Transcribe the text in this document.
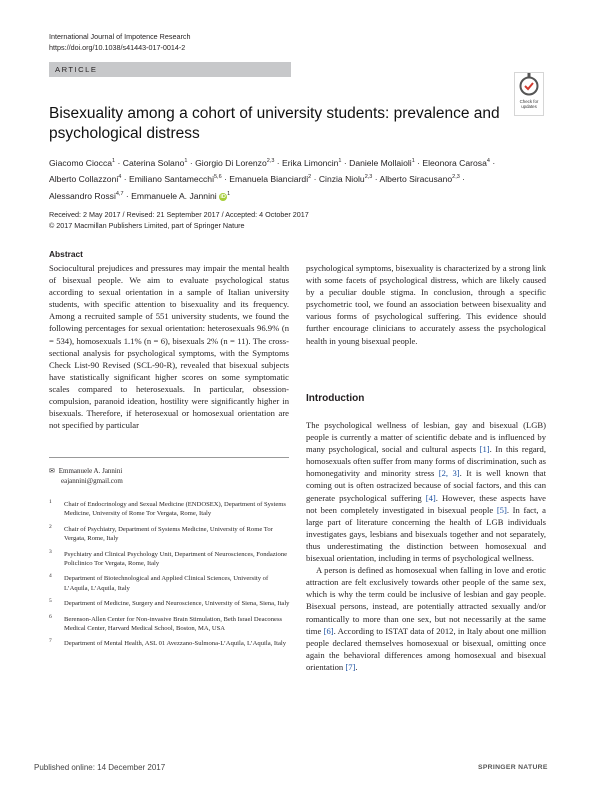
International Journal of Impotence Research
https://doi.org/10.1038/s41443-017-0014-2
ARTICLE
Check for
updates
Bisexuality among a cohort of university students: prevalence and psychological distress
Giacomo Ciocca$^1$ · Caterina Solano$^1$ · Giorgio Di Lorenzo$^{2,3}$ · Erika Limoncin$^1$ · Daniele Mollaioli$^1$ · Eleonora Carosa$^4$ ·
Alberto Collazzoni$^4$ · Emiliano Santamecchi$^{5,6}$ · Emanuela Bianciardi$^2$ · Cinzia Niolu$^{2,3}$ · Alberto Siracusano$^{2,3}$ ·
Alessandro Rossi$^{4,7}$ · Emmanuele A. Jannini $iD^1$
Received: 2 May 2017 / Revised: 21 September 2017 / Accepted: 4 October 2017
© 2017 Macmillan Publishers Limited, part of Springer Nature
Abstract
Sociocultural prejudices and pressures may impair the mental health of bisexual people. We aim to evaluate psychological status according to sexual orientation in a sample of Italian university students, with specific attention to bisexuality and its frequency. Among a recruited sample of 551 university students, we found the following percentages for sexual orientation: heterosexuals 96.9% (n = 534), homosexuals 1.1% (n = 6), bisexuals 2% (n = 11). The cross-sectional analysis for psychological symptoms, with the Symptoms Check List-90 Revised (SCL-90-R), revealed that bisexual subjects have statistically significant higher scores on some symptomatic scales compared to heterosexuals. In particular, obsession-compulsion, paranoid ideation, hostility were significantly higher in bisexuals. Therefore, if heterosexual or homosexual orientation are not specified by particular
psychological symptoms, bisexuality is characterized by a strong link with some facets of psychological distress, which are likely caused by a peculiar double stigma. In conclusion, through a specific psychometric tool, we found an association between bisexuality and various forms of psychological suffering. This evidence should further encourage clinicians to accurately assess the psychological health in young bisexual people.
✉ Emmanuele A. Jannini
eajannini@gmail.com
1 Chair of Endocrinology and Sexual Medicine (ENDOSEX), Department of Systems Medicine, University of Rome Tor Vergata, Rome, Italy
2 Chair of Psychiatry, Department of Systems Medicine, University of Rome Tor Vergata, Rome, Italy
3 Psychiatry and Clinical Psychology Unit, Department of Neurosciences, Fondazione Policlinico Tor Vergata, Rome, Italy
4 Department of Biotechnological and Applied Clinical Sciences, University of L’Aquila, L’Aquila, Italy
5 Department of Medicine, Surgery and Neuroscience, University of Siena, Siena, Italy
6 Berenson-Allen Center for Non-invasive Brain Stimulation, Beth Israel Deaconess Medical Center, Harvard Medical School, Boston, MA, USA
7 Department of Mental Health, ASL 01 Avezzano-Sulmona-L’Aquila, L’Aquila, Italy
Introduction

The psychological wellness of lesbian, gay and bisexual (LGB) people is currently a matter of scientific debate and is influenced by many psychological, social and cultural aspects [1]. In this regard, homosexuals often suffer from many forms of discrimination, such as homonegativity and minority stress [2, 3]. It is well known that coming out is often ostracized because of social factors, and this can generate psychological suffering [4]. However, these aspects have not been completely investigated in bisexual people [5]. In fact, a large part of literature concerning the health of LGB individuals investigates gays, lesbians and bisexuals together and not separately, thus underestimating the distinction between homosexual and bisexual orientation, including in terms of psychological wellness.

A person is defined as homosexual when falling in love and erotic attraction are felt exclusively towards other people of the same sex, which is why the term could be inclusive of lesbian and gay people. Bisexual persons, instead, are potentially attracted sexually and/or romantically to more than one sex, but not necessarily at the same time [6]. According to ISTAT data of 2012, in Italy about one million people declared themselves homosexual or bisexual, omitting once again the behavioral differences among homosexual and bisexual orientation [7].

Published online: 14 December 2017	SPRINGER NATURE
